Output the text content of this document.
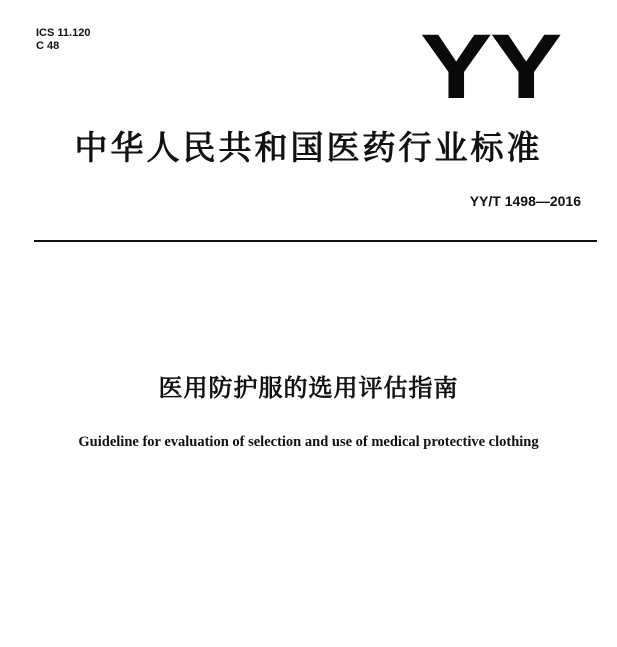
ICS 11.120
C 48	YY
中华人民共和国医药行业标准
YY/T 1498—2016
医用防护服的选用评估指南
Guideline for evaluation of selection and use of medical protective clothing
